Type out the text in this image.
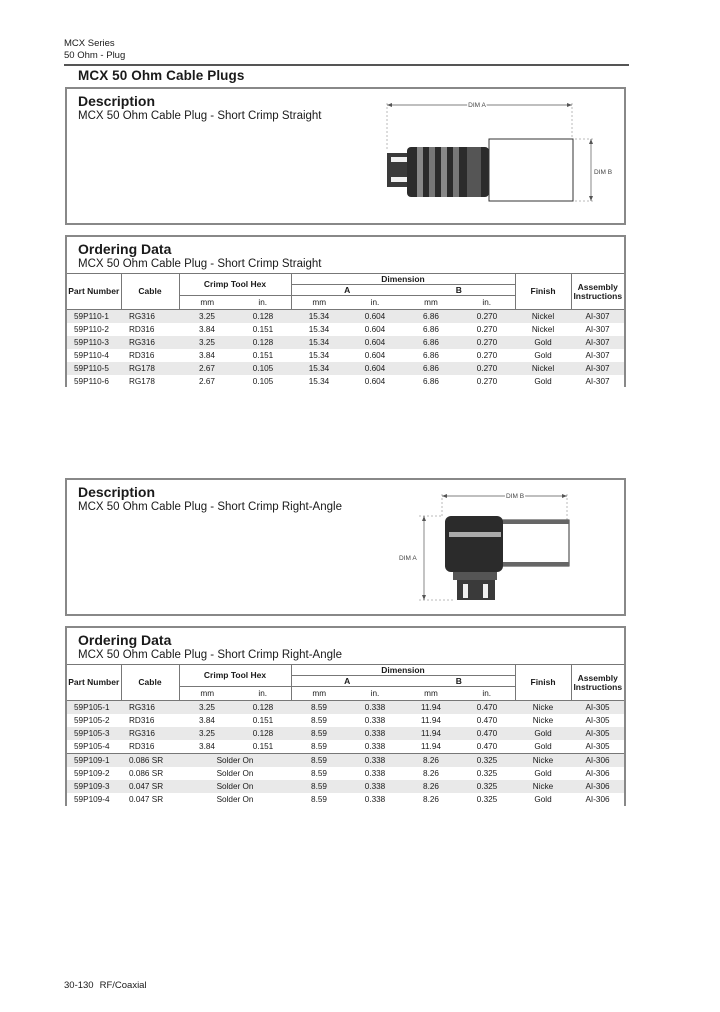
MCX Series
50 Ohm - Plug
MCX 50 Ohm Cable Plugs
Description
MCX 50 Ohm Cable Plug - Short Crimp Straight
DIM A
DIM B
Ordering Data
MCX 50 Ohm Cable Plug - Short Crimp Straight
Part Number	Cable	Crimp Tool Hex		Dimension				Finish	Assembly Instructions
				A		B			
		mm	in.	mm	in.	mm	in.		
59P110-1	RG316	3.25	0.128	15.34	0.604	6.86	0.270	Nickel	AI-307
59P110-2	RD316	3.84	0.151	15.34	0.604	6.86	0.270	Nickel	AI-307
59P110-3	RG316	3.25	0.128	15.34	0.604	6.86	0.270	Gold	AI-307
59P110-4	RD316	3.84	0.151	15.34	0.604	6.86	0.270	Gold	AI-307
59P110-5	RG178	2.67	0.105	15.34	0.604	6.86	0.270	Nickel	AI-307
59P110-6	RG178	2.67	0.105	15.34	0.604	6.86	0.270	Gold	AI-307
Description
MCX 50 Ohm Cable Plug - Short Crimp Right-Angle
DIM B
DIM A
Ordering Data
MCX 50 Ohm Cable Plug - Short Crimp Right-Angle
Part Number	Cable	Crimp Tool Hex		Dimension				Finish	Assembly Instructions
				A		B			
		mm	in.	mm	in.	mm	in.		
59P105-1	RG316	3.25	0.128	8.59	0.338	11.94	0.470	Nicke	AI-305
59P105-2	RD316	3.84	0.151	8.59	0.338	11.94	0.470	Nicke	AI-305
59P105-3	RG316	3.25	0.128	8.59	0.338	11.94	0.470	Gold	AI-305
59P105-4	RD316	3.84	0.151	8.59	0.338	11.94	0.470	Gold	AI-305
59P109-1	0.086 SR	Solder On		8.59	0.338	8.26	0.325	Nicke	AI-306
59P109-2	0.086 SR	Solder On		8.59	0.338	8.26	0.325	Gold	AI-306
59P109-3	0.047 SR	Solder On		8.59	0.338	8.26	0.325	Nicke	AI-306
59P109-4	0.047 SR	Solder On		8.59	0.338	8.26	0.325	Gold	AI-306
30-130 RF/Coaxial
